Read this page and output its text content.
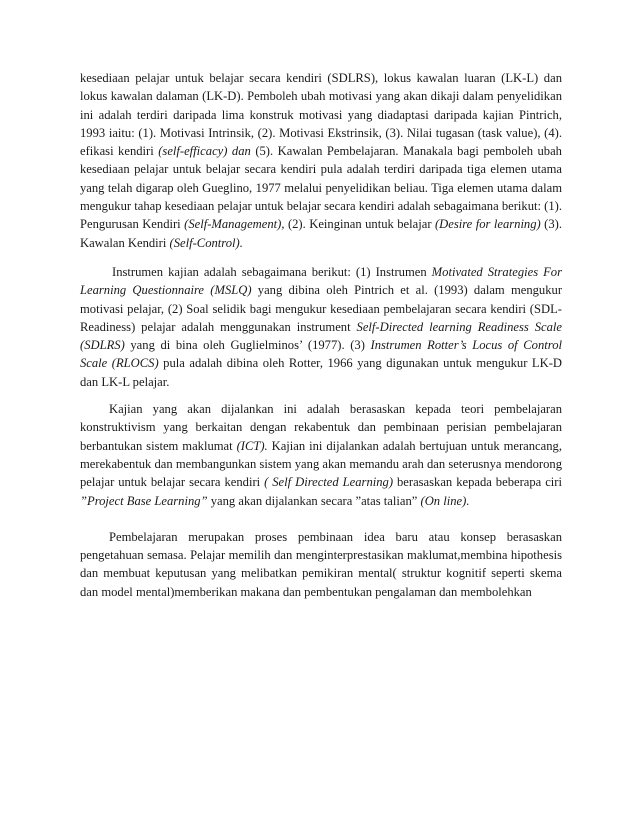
kesediaan pelajar untuk belajar secara kendiri (SDLRS), lokus kawalan luaran (LK-L) dan lokus kawalan dalaman (LK-D). Pemboleh ubah motivasi yang akan dikaji dalam penyelidikan ini adalah terdiri daripada lima konstruk motivasi yang diadaptasi daripada kajian Pintrich, 1993 iaitu: (1). Motivasi Intrinsik, (2). Motivasi Ekstrinsik, (3). Nilai tugasan (task value), (4). efikasi kendiri (self-efficacy) dan (5). Kawalan Pembelajaran. Manakala bagi pemboleh ubah kesediaan pelajar untuk belajar secara kendiri pula adalah terdiri daripada tiga elemen utama yang telah digarap oleh Gueglino, 1977 melalui penyelidikan beliau. Tiga elemen utama dalam mengukur tahap kesediaan pelajar untuk belajar secara kendiri adalah sebagaimana berikut: (1). Pengurusan Kendiri (Self-Management), (2). Keinginan untuk belajar (Desire for learning) (3). Kawalan Kendiri (Self-Control).

Instrumen kajian adalah sebagaimana berikut: (1) Instrumen Motivated Strategies For Learning Questionnaire (MSLQ) yang dibina oleh Pintrich et al. (1993) dalam mengukur motivasi pelajar, (2) Soal selidik bagi mengukur kesediaan pembelajaran secara kendiri (SDL-Readiness) pelajar adalah menggunakan instrument Self-Directed learning Readiness Scale (SDLRS) yang di bina oleh Guglielminos’ (1977). (3) Instrumen Rotter’s Locus of Control Scale (RLOCS) pula adalah dibina oleh Rotter, 1966 yang digunakan untuk mengukur LK-D dan LK-L pelajar.

Kajian yang akan dijalankan ini adalah berasaskan kepada teori pembelajaran konstruktivism yang berkaitan dengan rekabentuk dan pembinaan perisian pembelajaran berbantukan sistem maklumat (ICT). Kajian ini dijalankan adalah bertujuan untuk merancang, merekabentuk dan membangunkan sistem yang akan memandu arah dan seterusnya mendorong pelajar untuk belajar secara kendiri ( Self Directed Learning) berasaskan kepada beberapa ciri ”Project Base Learning” yang akan dijalankan secara ”atas talian” (On line).

Pembelajaran merupakan proses pembinaan idea baru atau konsep berasaskan pengetahuan semasa. Pelajar memilih dan menginterprestasikan maklumat,membina hipothesis dan membuat keputusan yang melibatkan pemikiran mental( struktur kognitif seperti skema dan model mental)memberikan makana dan pembentukan pengalaman dan membolehkan
